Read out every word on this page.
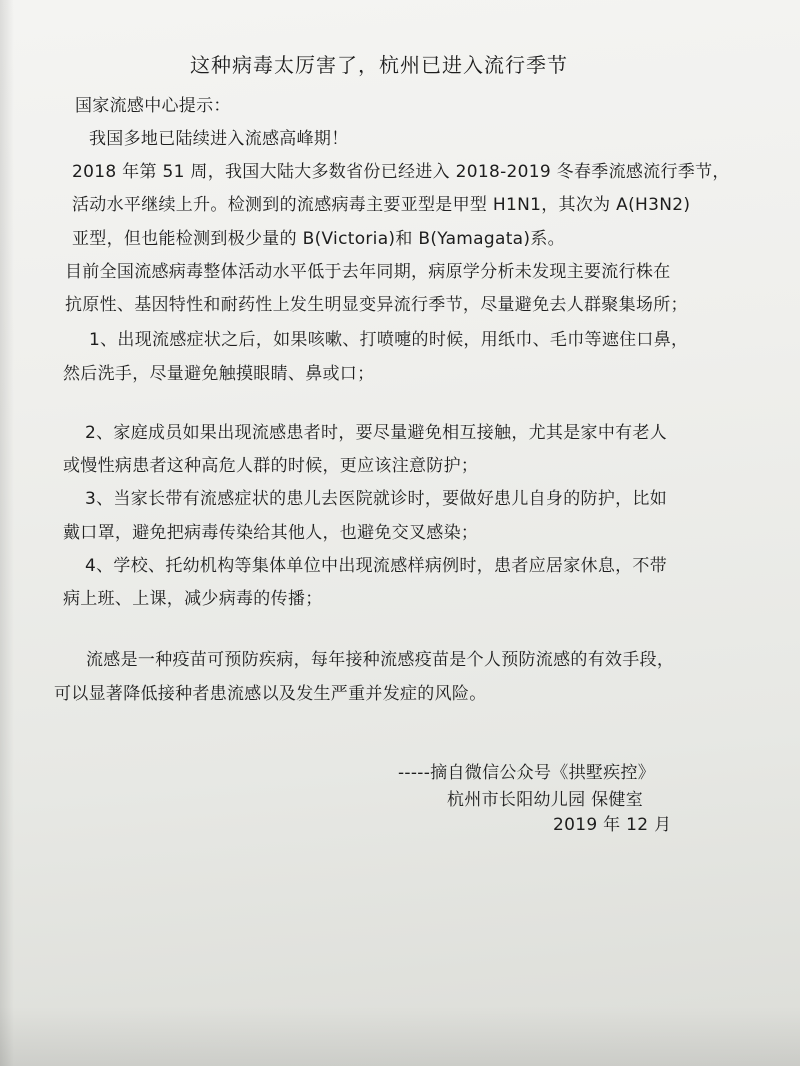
这种病毒太厉害了，杭州已进入流行季节
国家流感中心提示：
我国多地已陆续进入流感高峰期！
2018 年第 51 周，我国大陆大多数省份已经进入 2018-2019 冬春季流感流行季节，
活动水平继续上升。检测到的流感病毒主要亚型是甲型 H1N1，其次为 A(H3N2)
亚型，但也能检测到极少量的 B(Victoria)和 B(Yamagata)系。
目前全国流感病毒整体活动水平低于去年同期，病原学分析未发现主要流行株在
抗原性、基因特性和耐药性上发生明显变异流行季节，尽量避免去人群聚集场所；
1、出现流感症状之后，如果咳嗽、打喷嚏的时候，用纸巾、毛巾等遮住口鼻，
然后洗手，尽量避免触摸眼睛、鼻或口；
2、家庭成员如果出现流感患者时，要尽量避免相互接触，尤其是家中有老人
或慢性病患者这种高危人群的时候，更应该注意防护；
3、当家长带有流感症状的患儿去医院就诊时，要做好患儿自身的防护，比如
戴口罩，避免把病毒传染给其他人，也避免交叉感染；
4、学校、托幼机构等集体单位中出现流感样病例时，患者应居家休息，不带
病上班、上课，减少病毒的传播；
流感是一种疫苗可预防疾病，每年接种流感疫苗是个人预防流感的有效手段，
可以显著降低接种者患流感以及发生严重并发症的风险。
-----摘自微信公众号《拱墅疾控》
杭州市长阳幼儿园 保健室
2019 年 12 月
